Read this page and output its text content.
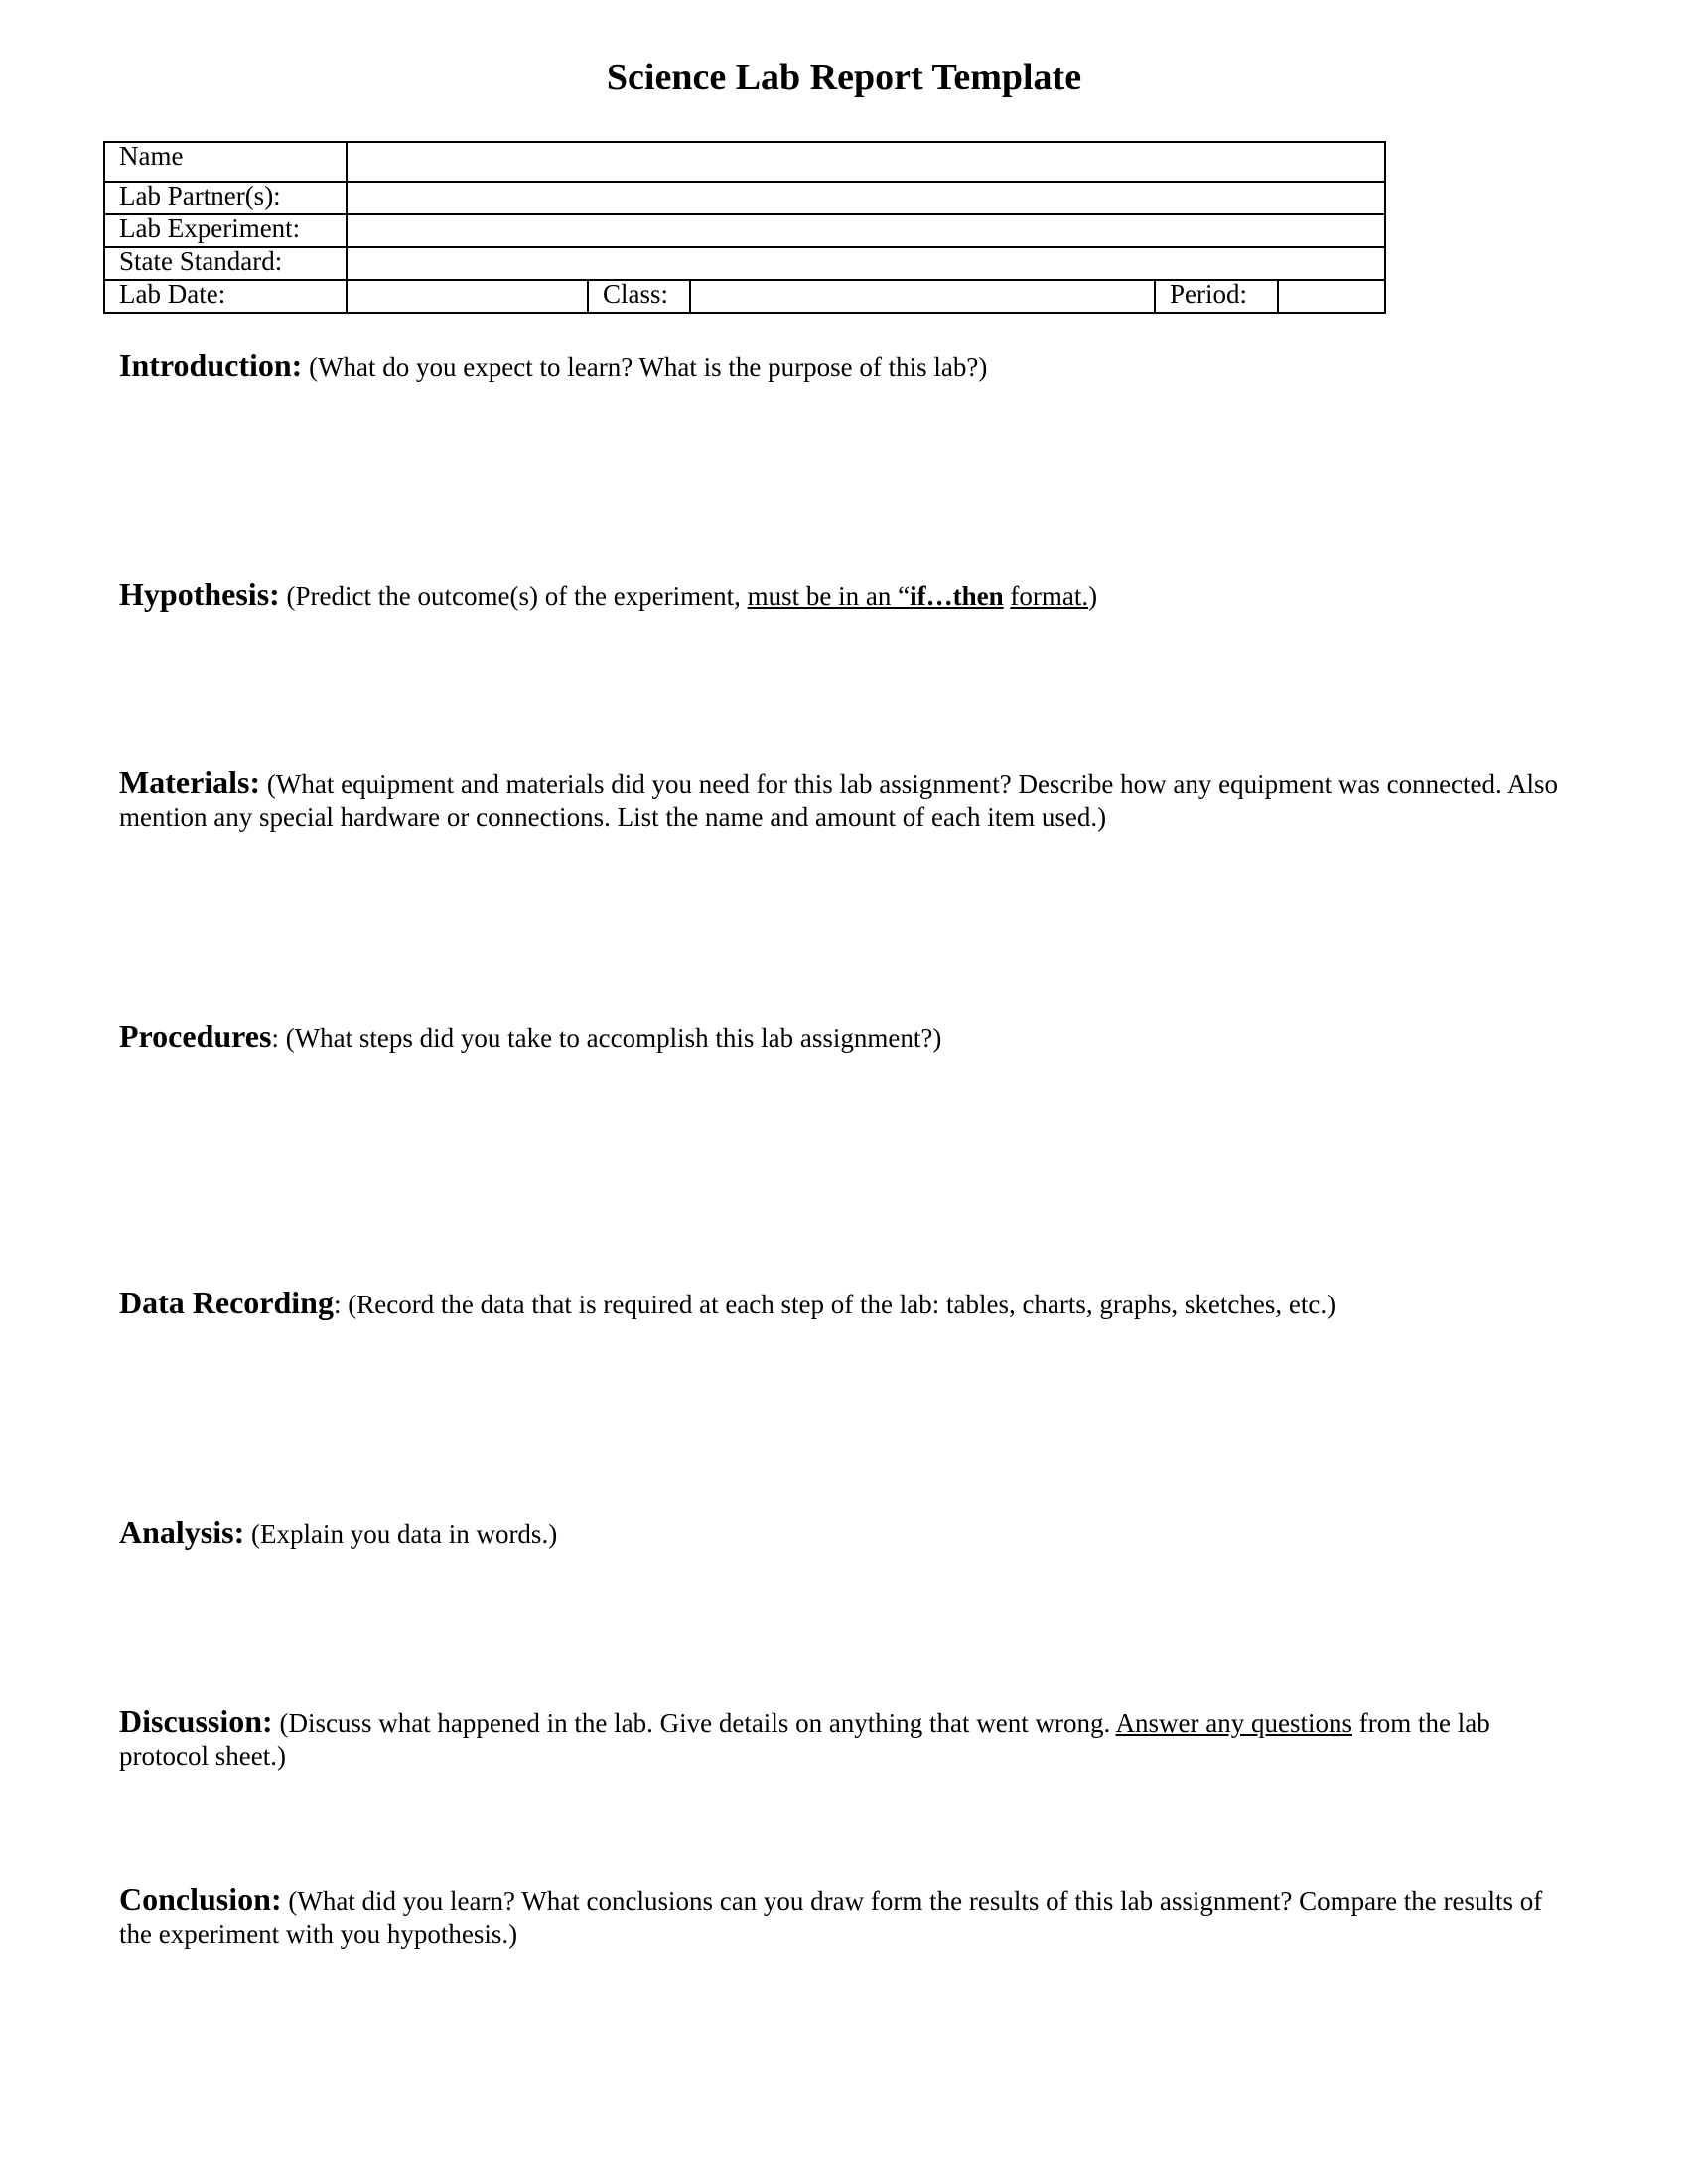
Science Lab Report Template
Name					
Lab Partner(s):					
Lab Experiment:					
State Standard:					
Lab Date:		Class:		Period:	

Introduction: (What do you expect to learn? What is the purpose of this lab?)

Hypothesis: (Predict the outcome(s) of the experiment, must be in an “if…then format.)

Materials: (What equipment and materials did you need for this lab assignment? Describe how any equipment was connected. Also mention any special hardware or connections. List the name and amount of each item used.)

Procedures: (What steps did you take to accomplish this lab assignment?)

Data Recording: (Record the data that is required at each step of the lab: tables, charts, graphs, sketches, etc.)

Analysis: (Explain you data in words.)

Discussion: (Discuss what happened in the lab. Give details on anything that went wrong. Answer any questions from the lab protocol sheet.)

Conclusion: (What did you learn? What conclusions can you draw form the results of this lab assignment? Compare the results of the experiment with you hypothesis.)
